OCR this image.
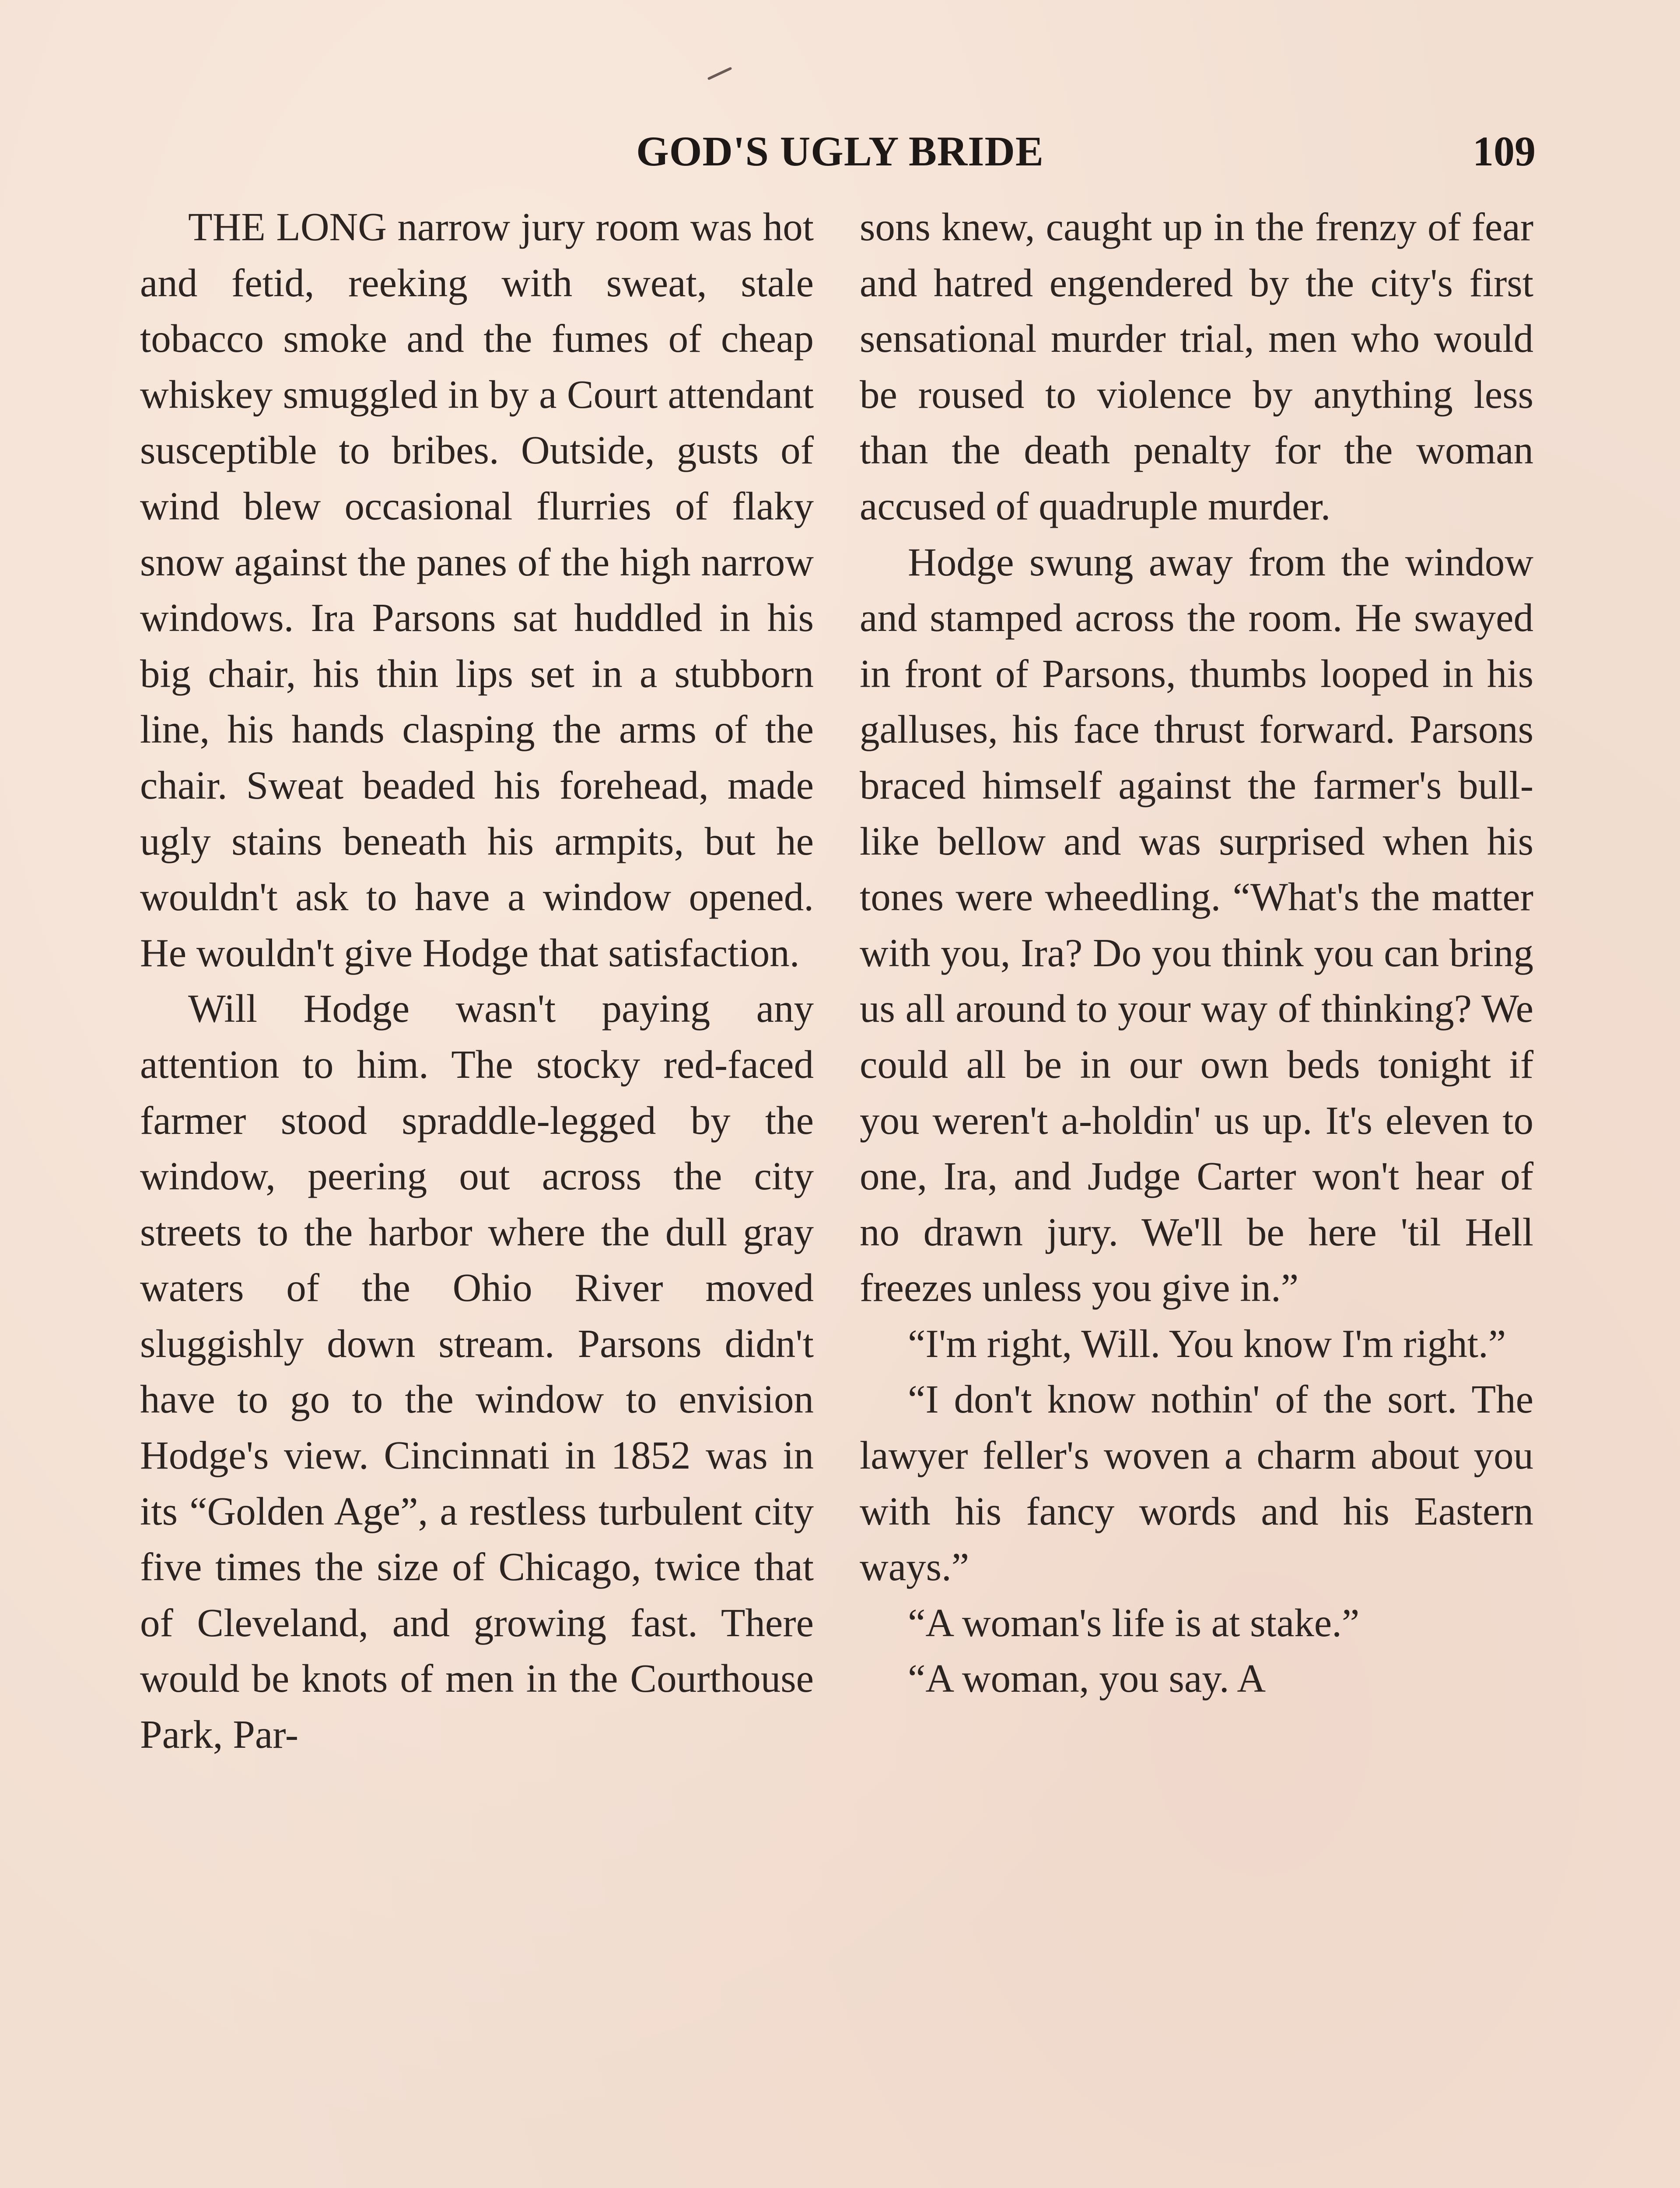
GOD'S UGLY BRIDE	109

THE LONG narrow jury room was hot and fetid, reeking with sweat, stale tobacco smoke and the fumes of cheap whiskey smuggled in by a Court attendant susceptible to bribes. Outside, gusts of wind blew occasional flurries of flaky snow against the panes of the high narrow windows. Ira Parsons sat huddled in his big chair, his thin lips set in a stubborn line, his hands clasping the arms of the chair. Sweat beaded his forehead, made ugly stains beneath his armpits, but he wouldn't ask to have a window opened. He wouldn't give Hodge that satisfaction.

Will Hodge wasn't paying any attention to him. The stocky red-faced farmer stood spraddle-legged by the window, peering out across the city streets to the harbor where the dull gray waters of the Ohio River moved sluggishly down stream. Parsons didn't have to go to the window to envision Hodge's view. Cincinnati in 1852 was in its “Golden Age”, a restless turbulent city five times the size of Chicago, twice that of Cleveland, and growing fast. There would be knots of men in the Courthouse Park, Par-

sons knew, caught up in the frenzy of fear and hatred engendered by the city's first sensational murder trial, men who would be roused to violence by anything less than the death penalty for the woman accused of quadruple murder.

Hodge swung away from the window and stamped across the room. He swayed in front of Parsons, thumbs looped in his galluses, his face thrust forward. Parsons braced himself against the farmer's bull-like bellow and was surprised when his tones were wheedling. “What's the matter with you, Ira? Do you think you can bring us all around to your way of thinking? We could all be in our own beds tonight if you weren't a-holdin' us up. It's eleven to one, Ira, and Judge Carter won't hear of no drawn jury. We'll be here 'til Hell freezes unless you give in.”

“I'm right, Will. You know I'm right.”

“I don't know nothin' of the sort. The lawyer feller's woven a charm about you with his fancy words and his Eastern ways.”

“A woman's life is at stake.”

“A woman, you say. A
